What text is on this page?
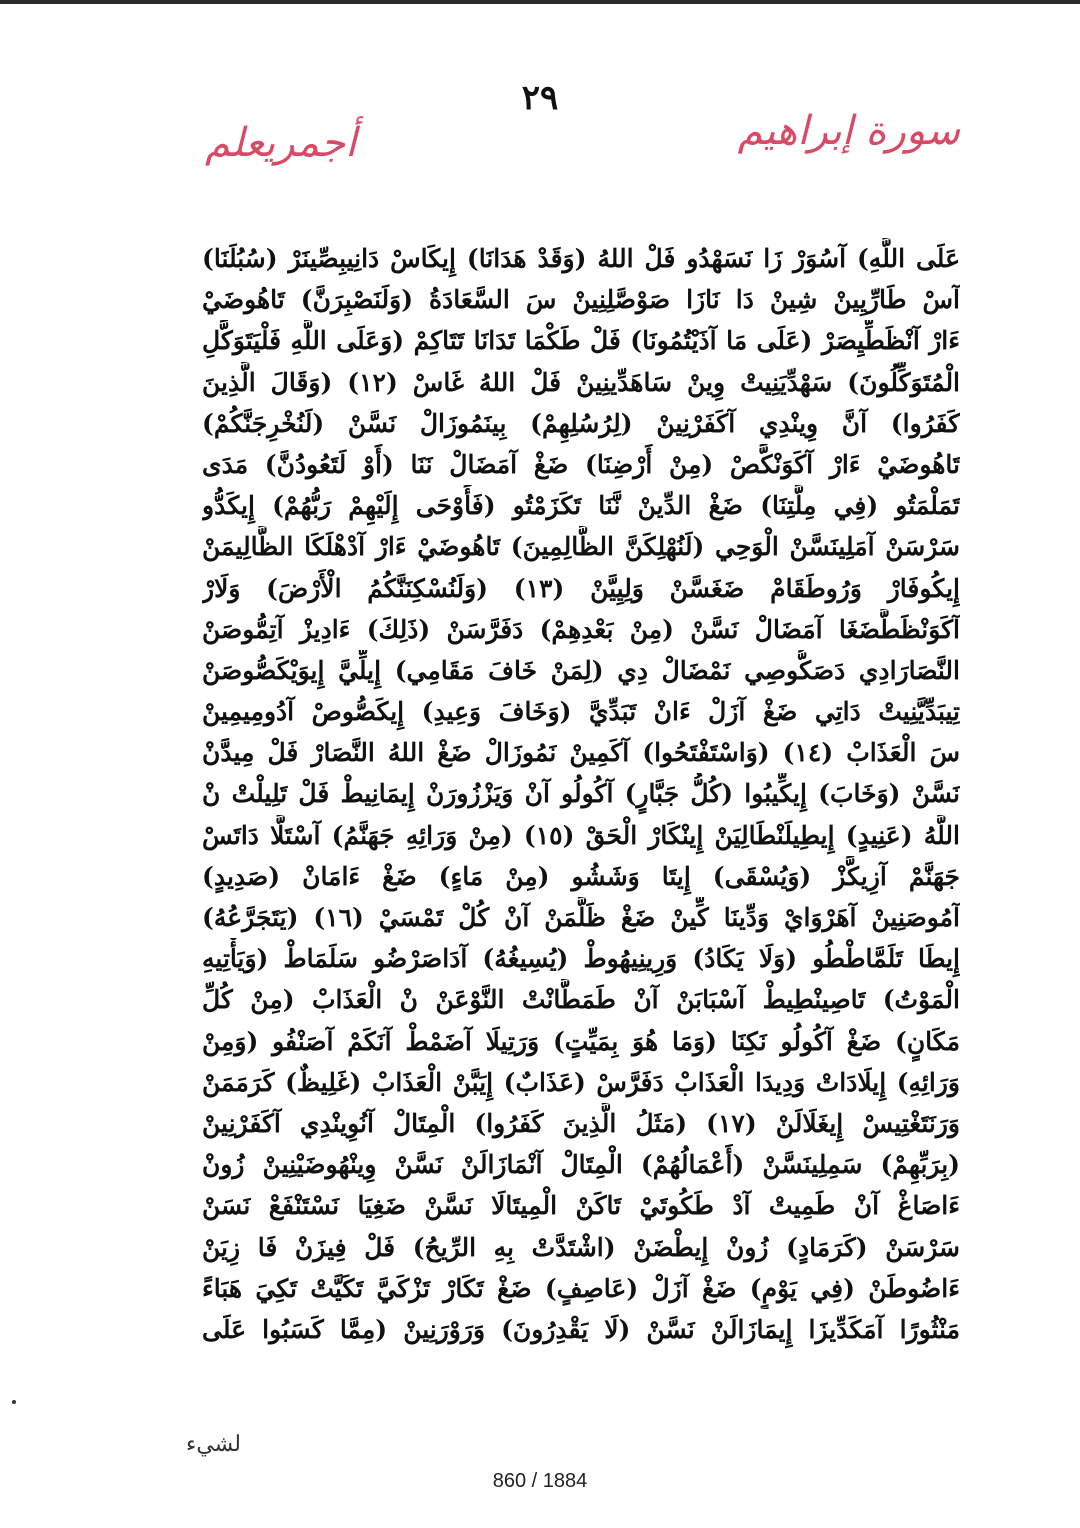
٢٩
سورة إبراهيم
أجمريعلم
عَلَى اللَّهِ) آسُوَرْ زَا نَسَهْدُو فَلْ اللهُ (وَقَدْ هَدَانَا) إِيكَاسْ دَانِيبِصِّينَرْ (سُبُلَنَا)
آسْ طَارِّيِينْ شِينْ دَا نَازَا صَوْصَّلِنِينْ سَ السَّعَادَةُ (وَلَنَصْبِرَنَّ) تَاهُوضَيْ
ءَارْ آنْظَطِّيِصَرْ (عَلَى مَا آذَيْتُمُونَا) فَلْ طَكْمَا تَدَانَا تَتَاكِمْ (وَعَلَى اللَّهِ فَلْيَتَوَكَّلِ
الْمُتَوَكِّلُونَ) سَهْدِّيَنِيتْ وِينْ سَاهَدِّينِينْ فَلْ اللهُ غَاسْ (١٢) (وَقَالَ الَّذِينَ
كَفَرُوا) آنَّ وِينْدِي آكَفَرْنِينْ (لِرُسُلِهِمْ) بِينَمُوزَالْ نَسَّنْ (لَنُخْرِجَنَّكُمْ)
تَاهُوضَيْ ءَارْ آكَوَنْكَّصْ (مِنْ أَرْضِنَا) ضَغْ آمَضَالْ نَنَا (أَوْ لَتَعُودُنَّ) مَدَى
تَمَلْمَتُو (فِي مِلَّتِنَا) ضَغْ الدِّينْ نَّنَا تَكَزَمْتُو (فَأَوْحَى إِلَيْهِمْ رَبُّهُمْ) إِيكَدُّو
سَرْسَنْ آمَلِينَسَّنْ الْوَحِي (لَنُهْلِكَنَّ الظَّالِمِينَ) تَاهُوضَيْ ءَارْ آدْهْلَكَا الظَّالِيمَنْ
إِيكُوفَارْ وَرُوطَقَامْ ضَغَسَّنْ وَلِيِيَّنْ (١٣) (وَلَنُسْكِنَنَّكُمُ الْأَرْضَ) وَلَارْ
آكَوَنْظَطَّضَغَا آمَضَالْ نَسَّنْ (مِنْ بَعْدِهِمْ) دَفَرَّسَنْ (ذَلِكَ) ءَادِيزْ آتِمُّوصَنْ
النَّصَارَادِي دَصَكُّوصِي نَمْضَالْ دِي (لِمَنْ خَافَ مَقَامِي) إِيلِّيَّ إِيوَيْكَصُّوصَنْ
تِيبَدِّيَّنِيتْ دَاتِي ضَغْ آزَلْ ءَانْ تَبَدِّيَّ (وَخَافَ وَعِيدِ) إِيكَصُّوصْ آدُومِيمِينْ
سَ الْعَذَابْ (١٤) (وَاسْتَفْتَحُوا) آكَمِينْ نَمُوزَالْ ضَغْ اللهُ النَّصَارْ فَلْ مِيدَّنْ
نَسَّنْ (وَخَابَ) إِيكِّيبُوا (كُلُّ جَبَّارٍ) آكُولُو آنْ وَيَزْزُورَنْ إِيمَانِيطْ فَلْ تَلِيلْتْ نْ
اللَّهُ (عَنِيدٍ) إِيطِيلَنْطَالِيَنْ إِينْكَارْ الْحَقْ (١٥) (مِنْ وَرَائِهِ جَهَنَّمُ) آسْتَلَّا دَاتَسْ
جَهَنَّمْ آزِيكَّزْ (وَيُسْقَى) إِيتَا وَشَشُو (مِنْ مَاءٍ) ضَغْ ءَامَانْ (صَدِيدٍ)
آمُوصَنِينْ آهَرْوَايْ وَدِّينَا كِّينْ ضَغْ ظَلَّمَنْ آنْ كُلْ تَمْسَيْ (١٦) (يَتَجَرَّعُهُ)
إِيطَا تَلَمَّاطْطُو (وَلَا يَكَادُ) وَرِينِيهُوطْ (يُسِيغُهُ) آدَاصَرْضُو سَلَمَاطْ (وَيَأْتِيهِ
الْمَوْتُ) تَاصِينْطِيطْ آسْبَابَنْ آنْ طَمَطَّانْتْ النَّوْعَنْ نْ الْعَذَابْ (مِنْ كُلِّ
مَكَانٍ) ضَغْ آكُولُو نَكِنَا (وَمَا هُوَ بِمَيِّتٍ) وَرَتِيلَا آضَمْطْ آنَكَمْ آصَنْفُو (وَمِنْ
وَرَائِهِ) إِيلَادَاتْ وَدِيدَا الْعَذَابْ دَفَرَّسْ (عَذَابٌ) إِيَبَّنْ الْعَذَابْ (غَلِيظٌ) كَرَمَمَنْ
وَرَنَتَغْتِيسْ إِيغَلَالَنْ (١٧) (مَثَلُ الَّذِينَ كَفَرُوا) الْمِتَالْ آنُوِينْدِي آكَفَرْنِينْ
(بِرَبِّهِمْ) سَمِلِينَسَّنْ (أَعْمَالُهُمْ) الْمِتَالْ آنْمَازَالَنْ نَسَّنْ وِينْهُوضَيْنِينْ زُونْ
ءَاصَاغْ آنْ طَمِيتْ آدْ طَكُوتَيْ تَاكَنْ الْمِيتَالَا نَسَّنْ ضَغِيَا نَسْتَنْفَعْ نَسَنْ
سَرْسَنْ (كَرَمَادٍ) زُونْ إِيطْضَنْ (اشْتَدَّتْ بِهِ الرِّيحُ) فَلْ فِيزَنْ فَا زِيَنْ
ءَاضُوطَنْ (فِي يَوْمٍ) ضَغْ آزَلْ (عَاصِفٍ) ضَغْ تَكَارْ تَزْكَيَّ تَكَيَّتْ تَكِيَ هَبَاءً
مَنْثُورًا آمَكَدِّيزَا إِيمَازَالَنْ نَسَّنْ (لَا يَقْدِرُونَ) وَرَوْرَنِينْ (مِمَّا كَسَبُوا عَلَى
لشيء
860 / 1884
